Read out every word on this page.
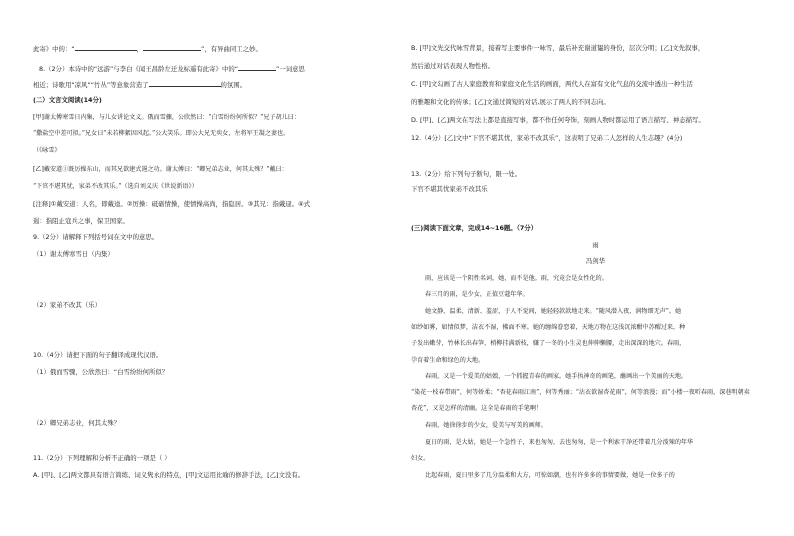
此寄》中的：“	，	”，有异曲同工之妙。
8.（2分）本诗中的“远游”与李白《闻王昌龄左迁龙标遥有此寄》中的“	”一词意思
相近；诗歌用“凉风”“竹丛”等意象营造了	的氛围。
(二）文言文阅读(14分)
[甲]谢太傅寒雪日内集，与儿女讲论文义。俄而雪骤，公欣然曰：“白雪纷纷何所似？”兄子胡儿曰：
“撒盐空中差可拟。”兄女曰“未若柳絮因风起。”公大笑乐。即公大兄无奕女，左将军王凝之妻也。
（《咏雪》
[乙]戴安道①既厉操东山，而其兄欲建式遏之功。谢太傅曰：“卿兄弟志业，何其太殊？”戴曰：
“下官不堪其忧，家弟不改其乐。”（选自刘义庆《世说新语》）
[注释]①戴安道：人名，即戴逵。②厉操：砥砺情操，使情操高尚，指隐居。③其兄：指戴逯。④式
遏：指阻止寇兵之事，保卫国家。
9.（2分）请解释下列括号词在文中的意思。
（1）谢太傅寒雪日（内集）
（2）家弟不改其（乐）
10.（4分）请把下面的句子翻译成现代汉语。
（1）俄而雪骤，公欣然曰：“白雪纷纷何所似？
（2）卿兄弟志业，何其太殊？
11.（2分）下列理解和分析不正确的一项是（ ）
A. [甲]、[乙]两文都具有语言简练、词义隽永的特点，[甲]文运用比喻的修辞手法，[乙]文没有。
B. [甲]文先交代咏雪背景，接着写主要事件一咏雪，最后补充谢道韫的身份，层次分明；[乙]文先叙事，
然后通过对话表现人物性格。
C. [甲]文勾画了古人家庭教育和家庭文化生活的画面，两代人在富有文化气息的交流中透出一种生活
的雅趣和文化的传承；[乙]文通过简短的对话,展示了两人的不同志向。
D. [甲]、[乙]两文在写法上都是直接写事，都不作任何夸饰，刻画人物时都运用了语言描写、神态描写。
12.（4分）[乙]文中“下官不堪其忧，家弟不改其乐”，这表明了兄弟二人怎样的人生志趣？(4分)
13.（2分）给下列句子断句，限一处。
下官不堪其忧家弟不改其乐
(三)阅读下面文章，完成14~16题。（7分）
雨
冯剑华
雨，应该是一个阴性名词，她，而不是他。雨，究竟会是女性化的。
春三月的雨，是少女，正值豆蔻年华。
她文静、温柔、清新、羞涩，于人不觉间，她轻轻款款地走来。“随风潜入夜，润物细无声”。她
如纱如雾，如情似梦，洁衣不湿，拂面不寒。她的缠绵眷恋着，天地万物在这浅沉浓酣中苏醒过来，种
子发出嫩芽，竹林长出春笋，梢柳挂满新枝，嫌了一冬的小生灵也伸伸懒腰，走出深深的地穴。春雨，
孕育着生命和绿色的大地。
春雨，又是一个爱美的姑娘，一个抓握青春的画家。她手执神奇的画笔，蘸画出一个美丽的天地。
“染花一枝春带雨”，何等娇柔；“杏花春雨江南”，何等秀丽；“沾衣欲湿杏花雨”，何等浪漫；而“小楼一夜听春雨，深巷明朝卖
杏花”，又是怎样的清幽。这全是春雨的手笔啊！
春雨，她徐徐步的少女，爱美与写美的画师。
夏日的雨，是大姑，她是一个急性子，来也匆匆，去也匆匆，是一个利索干净还带着几分泼辣的年华
妇女。
比起春雨，夏日里多了几分温柔和大方，可惊如潮，也有许多多的事情要做，她是一位多子的
